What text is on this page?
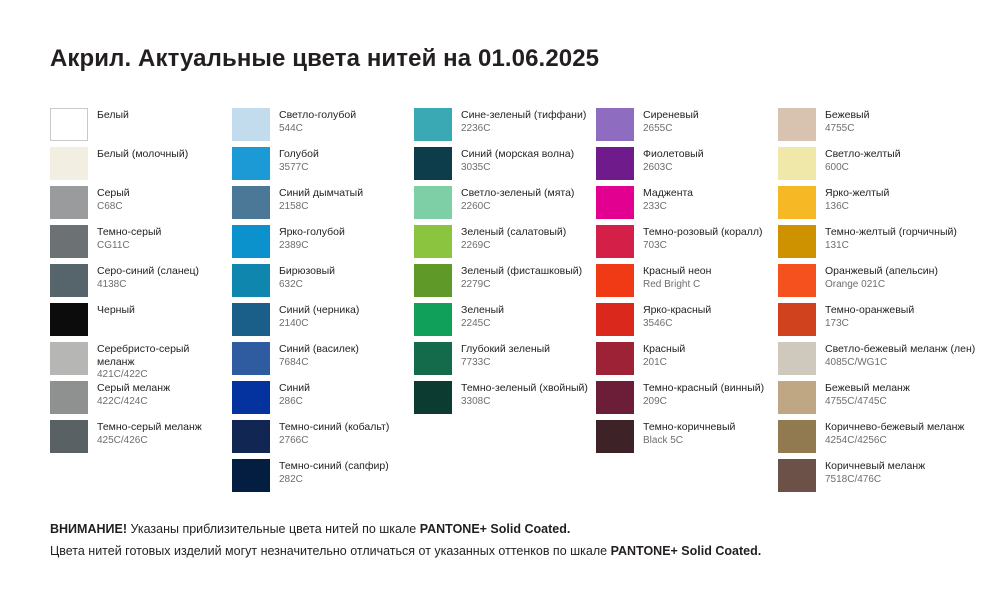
Акрил. Актуальные цвета нитей на 01.06.2025
Белый
Белый (молочный)
Серый
C68C
Темно-серый
CG11C
Серо-синий (сланец)
4138C
Черный
Серебристо-серый меланж
421C/422C
Серый меланж
422C/424C
Темно-серый меланж
425C/426C
Светло-голубой
544C
Голубой
3577C
Синий дымчатый
2158C
Ярко-голубой
2389C
Бирюзовый
632C
Синий (черника)
2140C
Синий (василек)
7684C
Синий
286C
Темно-синий (кобальт)
2766C
Темно-синий (сапфир)
282C
Сине-зеленый (тиффани)
2236C
Синий (морская волна)
3035C
Светло-зеленый (мята)
2260C
Зеленый (салатовый)
2269C
Зеленый (фисташковый)
2279C
Зеленый
2245C
Глубокий зеленый
7733C
Темно-зеленый (хвойный)
3308C
Сиреневый
2655C
Фиолетовый
2603C
Маджента
233C
Темно-розовый (коралл)
703C
Красный неон
Red Bright C
Ярко-красный
3546C
Красный
201C
Темно-красный (винный)
209C
Темно-коричневый
Black 5C
Бежевый
4755C
Светло-желтый
600C
Ярко-желтый
136C
Темно-желтый (горчичный)
131C
Оранжевый (апельсин)
Orange 021C
Темно-оранжевый
173C
Светло-бежевый меланж (лен)
4085C/WG1C
Бежевый меланж
4755C/4745C
Коричнево-бежевый меланж
4254C/4256C
Коричневый меланж
7518C/476C
ВНИМАНИЕ! Указаны приблизительные цвета нитей по шкале PANTONE+ Solid Coated.
Цвета нитей готовых изделий могут незначительно отличаться от указанных оттенков по шкале PANTONE+ Solid Coated.
